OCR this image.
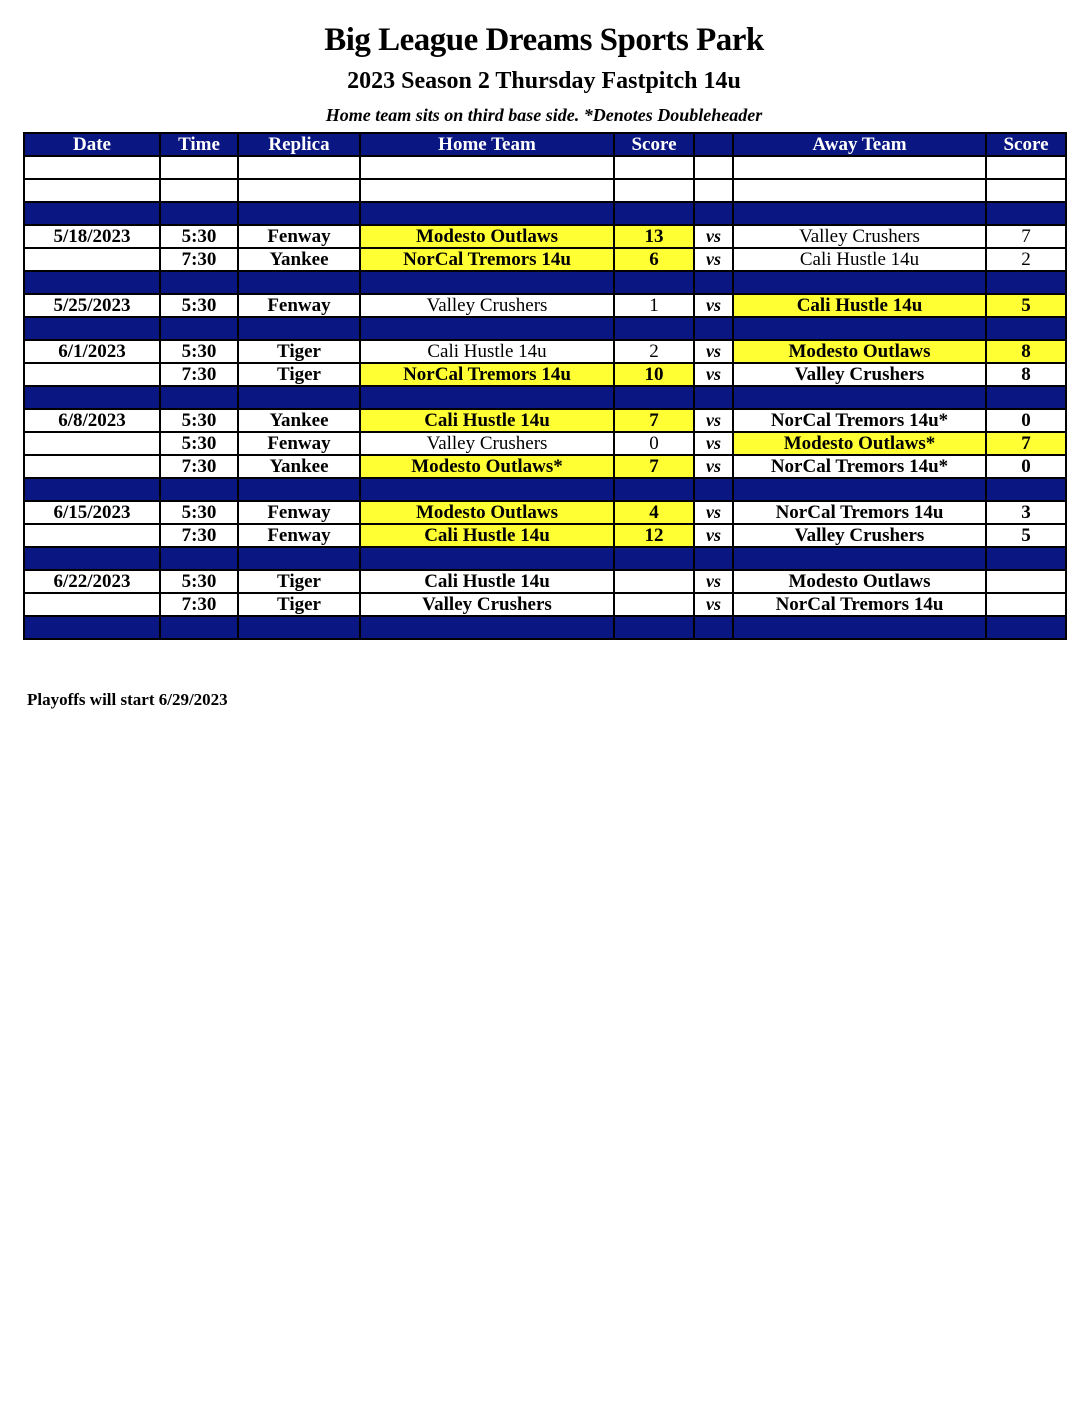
Big League Dreams Sports Park
2023 Season 2 Thursday Fastpitch 14u
Home team sits on third base side. *Denotes Doubleheader
Date	Time	Replica	Home Team	Score		Away Team	Score

5/18/2023	5:30	Fenway	Modesto Outlaws	13	vs	Valley Crushers	7
	7:30	Yankee	NorCal Tremors 14u	6	vs	Cali Hustle 14u	2

5/25/2023	5:30	Fenway	Valley Crushers	1	vs	Cali Hustle 14u	5

6/1/2023	5:30	Tiger	Cali Hustle 14u	2	vs	Modesto Outlaws	8
	7:30	Tiger	NorCal Tremors 14u	10	vs	Valley Crushers	8

6/8/2023	5:30	Yankee	Cali Hustle 14u	7	vs	NorCal Tremors 14u*	0
	5:30	Fenway	Valley Crushers	0	vs	Modesto Outlaws*	7
	7:30	Yankee	Modesto Outlaws*	7	vs	NorCal Tremors 14u*	0

6/15/2023	5:30	Fenway	Modesto Outlaws	4	vs	NorCal Tremors 14u	3
	7:30	Fenway	Cali Hustle 14u	12	vs	Valley Crushers	5

6/22/2023	5:30	Tiger	Cali Hustle 14u		vs	Modesto Outlaws	
	7:30	Tiger	Valley Crushers		vs	NorCal Tremors 14u	

Playoffs will start 6/29/2023
